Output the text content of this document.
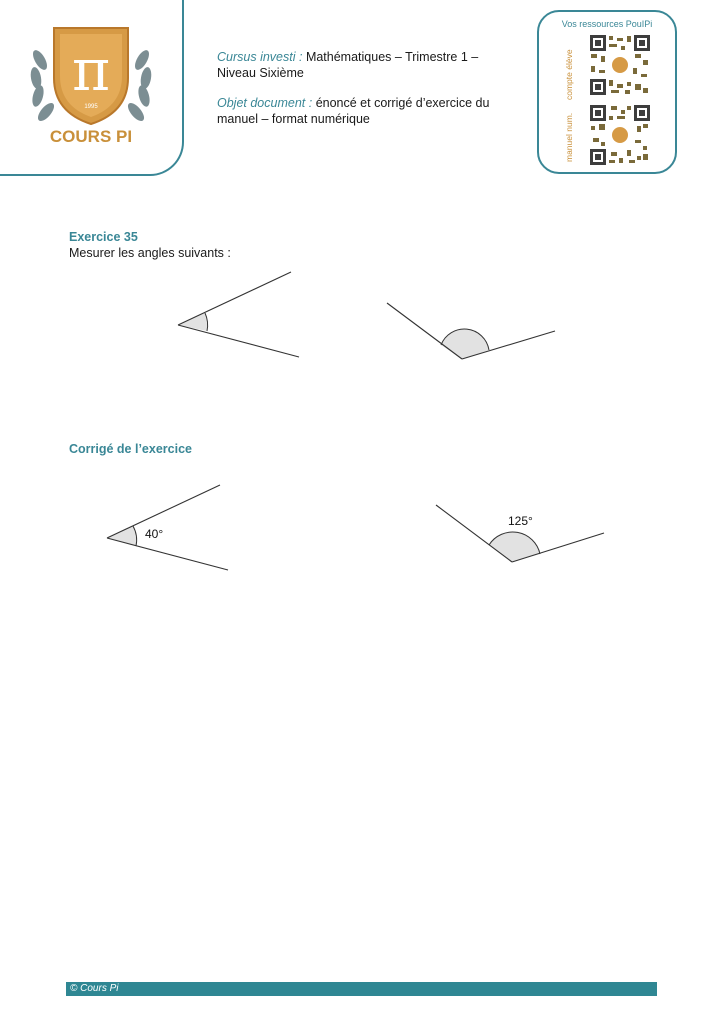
π
1995
COURS PI

Cursus investi : Mathématiques – Trimestre 1 –
Niveau Sixième

Objet document : énoncé et corrigé d’exercice du
manuel – format numérique

Vos ressources PouIPi
compte élève
manuel num.
Exercice 35
Mesurer les angles suivants :
40°
125°
Corrigé de l’exercice
© Cours Pi
